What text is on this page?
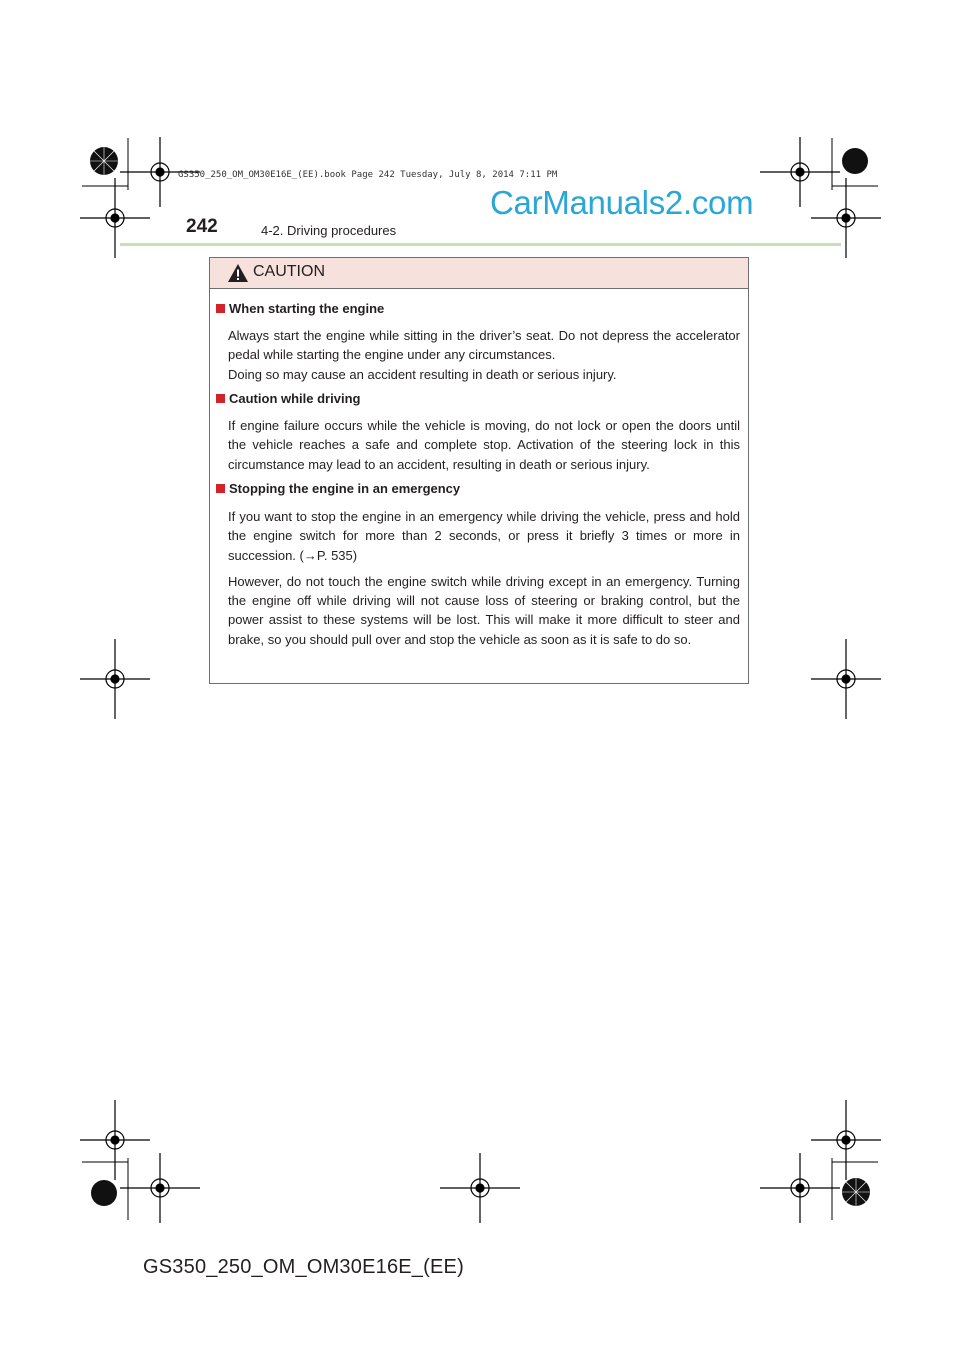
GS350_250_OM_OM30E16E_(EE).book Page 242 Tuesday, July 8, 2014 7:11 PM
CarManuals2.com
242	4-2. Driving procedures
CAUTION
When starting the engine

Always start the engine while sitting in the driver’s seat. Do not depress the accelerator pedal while starting the engine under any circumstances.

Doing so may cause an accident resulting in death or serious injury.

Caution while driving

If engine failure occurs while the vehicle is moving, do not lock or open the doors until the vehicle reaches a safe and complete stop. Activation of the steering lock in this circumstance may lead to an accident, resulting in death or serious injury.

Stopping the engine in an emergency

If you want to stop the engine in an emergency while driving the vehicle, press and hold the engine switch for more than 2 seconds, or press it briefly 3 times or more in succession. (→P. 535)

However, do not touch the engine switch while driving except in an emergency. Turning the engine off while driving will not cause loss of steering or braking control, but the power assist to these systems will be lost. This will make it more difficult to steer and brake, so you should pull over and stop the vehicle as soon as it is safe to do so.

GS350_250_OM_OM30E16E_(EE)
